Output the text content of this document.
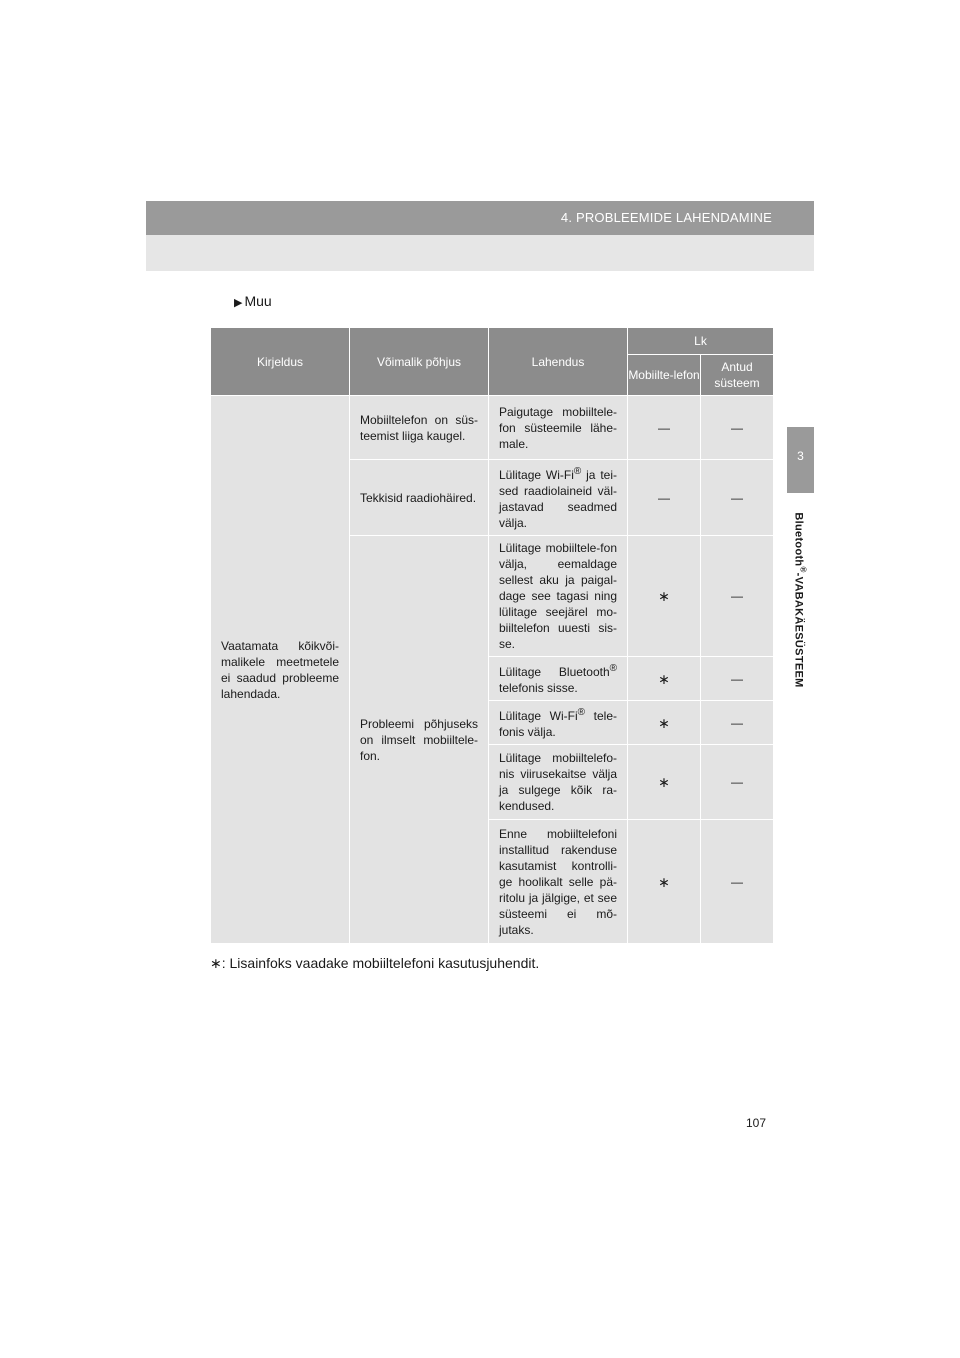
4. PROBLEEMIDE LAHENDAMINE
3
Bluetooth®-VABAKÄESÜSTEEM
▶ Muu
Kirjeldus	Võimalik põhjus	Lahendus	Lk	
			Mobiilte-lefon	Antud süsteem
Vaatamata kõikvõi-malikele meetmetele ei saadud probleeme lahendada.	Mobiiltelefon on süs-teemist liiga kaugel.	Paigutage mobiiltele-fon süsteemile lähe-male.	—	—
	Tekkisid raadiohäired.	Lülitage Wi-Fi® ja tei-sed raadiolaineid väl-jastavad seadmed välja.	—	—
	Probleemi põhjuseks on ilmselt mobiiltele-fon.	Lülitage mobiiltele-fon välja, eemaldage sellest aku ja paigal-dage see tagasi ning lülitage seejärel mo-biiltelefon uuesti sis-se.	∗	—
		Lülitage Bluetooth® telefonis sisse.	∗	—
		Lülitage Wi-Fi® tele-fonis välja.	∗	—
		Lülitage mobiiltelefo-nis viirusekaitse välja ja sulgege kõik ra-kendused.	∗	—
		Enne mobiiltelefoni installitud rakenduse kasutamist kontrolli-ge hoolikalt selle pä-ritolu ja jälgige, et see süsteemi ei mõ-jutaks.	∗	—
∗: Lisainfoks vaadake mobiiltelefoni kasutusjuhendit.
107
